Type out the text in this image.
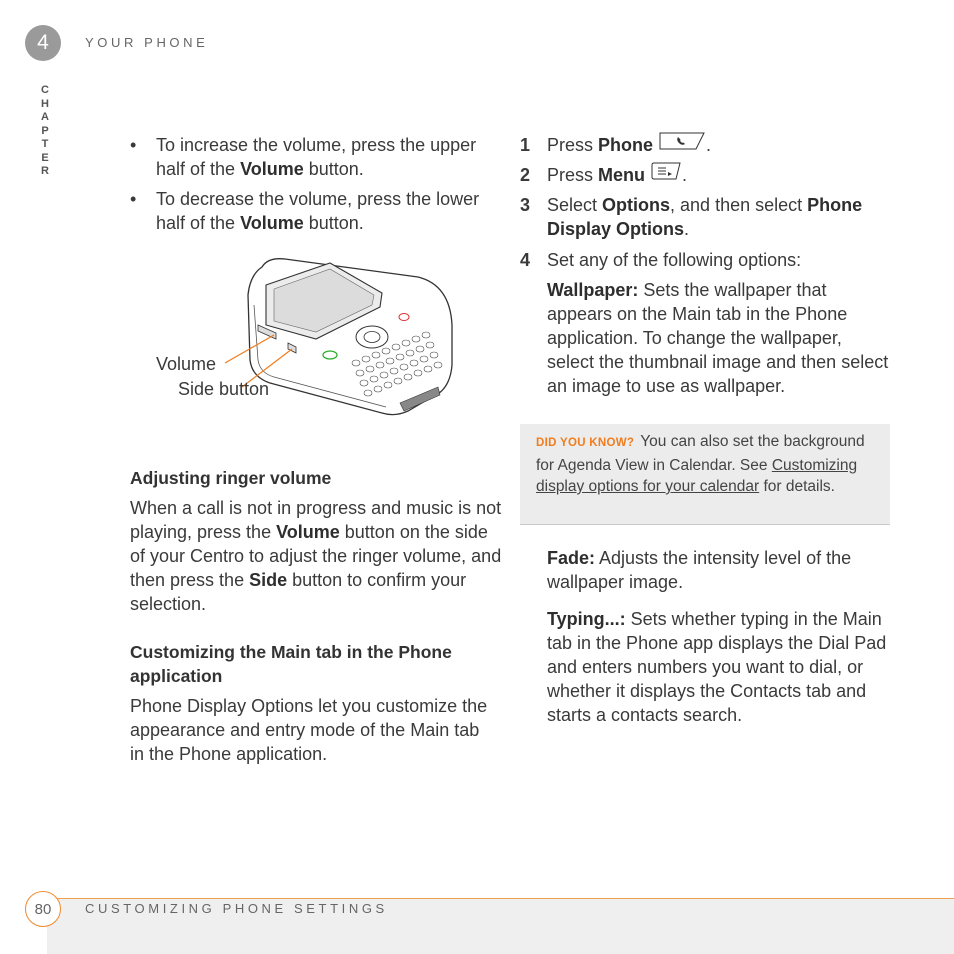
4	YOUR PHONE
C
H
A
P
T
E
R
• To increase the volume, press the upper half of the Volume button.
• To decrease the volume, press the lower half of the Volume button.
Volume
Side button
Adjusting ringer volume
When a call is not in progress and music is not playing, press the Volume button on the side of your Centro to adjust the ringer volume, and then press the Side button to confirm your selection.
Customizing the Main tab in the Phone application
Phone Display Options let you customize the appearance and entry mode of the Main tab in the Phone application.
1 Press Phone	.
2 Press Menu .
3 Select Options, and then select Phone Display Options.
4 Set any of the following options:
Wallpaper: Sets the wallpaper that appears on the Main tab in the Phone application. To change the wallpaper, select the thumbnail image and then select an image to use as wallpaper.
DID YOU KNOW? You can also set the background for Agenda View in Calendar. See Customizing display options for your calendar for details.
Fade: Adjusts the intensity level of the wallpaper image.
Typing...: Sets whether typing in the Main tab in the Phone app displays the Dial Pad and enters numbers you want to dial, or whether it displays the Contacts tab and starts a contacts search.
80	CUSTOMIZING PHONE SETTINGS
